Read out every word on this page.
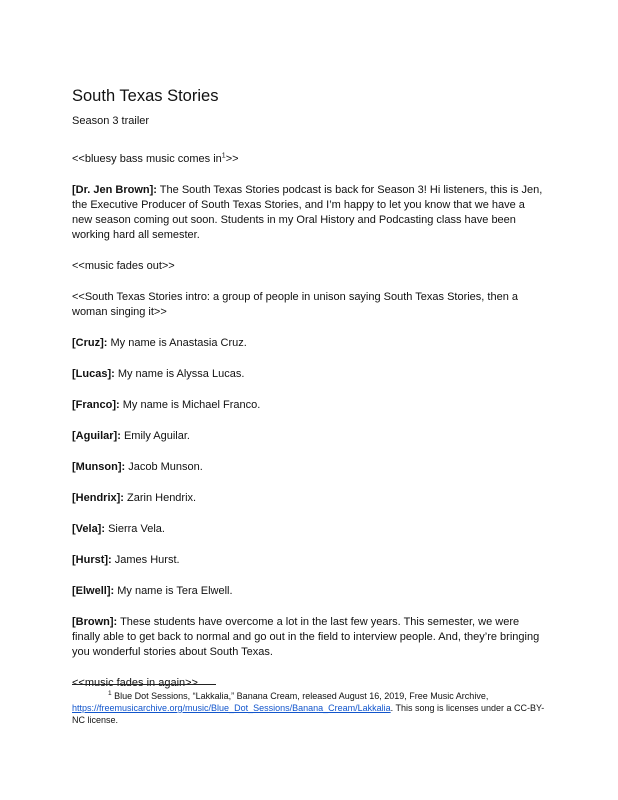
South Texas Stories
Season 3 trailer

<<bluesy bass music comes $in^1>>$

[Dr. Jen Brown]: The South Texas Stories podcast is back for Season 3! Hi listeners, this is Jen, the Executive Producer of South Texas Stories, and I’m happy to let you know that we have a new season coming out soon. Students in my Oral History and Podcasting class have been working hard all semester.

<<music fades out>>

<<South Texas Stories intro: a group of people in unison saying South Texas Stories, then a woman singing it>>

[Cruz]: My name is Anastasia Cruz.

[Lucas]: My name is Alyssa Lucas.

[Franco]: My name is Michael Franco.

[Aguilar]: Emily Aguilar.

[Munson]: Jacob Munson.

[Hendrix]: Zarin Hendrix.

[Vela]: Sierra Vela.

[Hurst]: James Hurst.

[Elwell]: My name is Tera Elwell.

[Brown]: These students have overcome a lot in the last few years. This semester, we were finally able to get back to normal and go out in the field to interview people. And, they’re bringing you wonderful stories about South Texas.

<<music fades in again>>

$^1$ Blue Dot Sessions, “Lakkalia,” Banana Cream, released August 16, 2019, Free Music Archive, https://freemusicarchive.org/music/Blue_Dot_Sessions/Banana_Cream/Lakkalia. This song is licenses under a CC-BY-NC license.
